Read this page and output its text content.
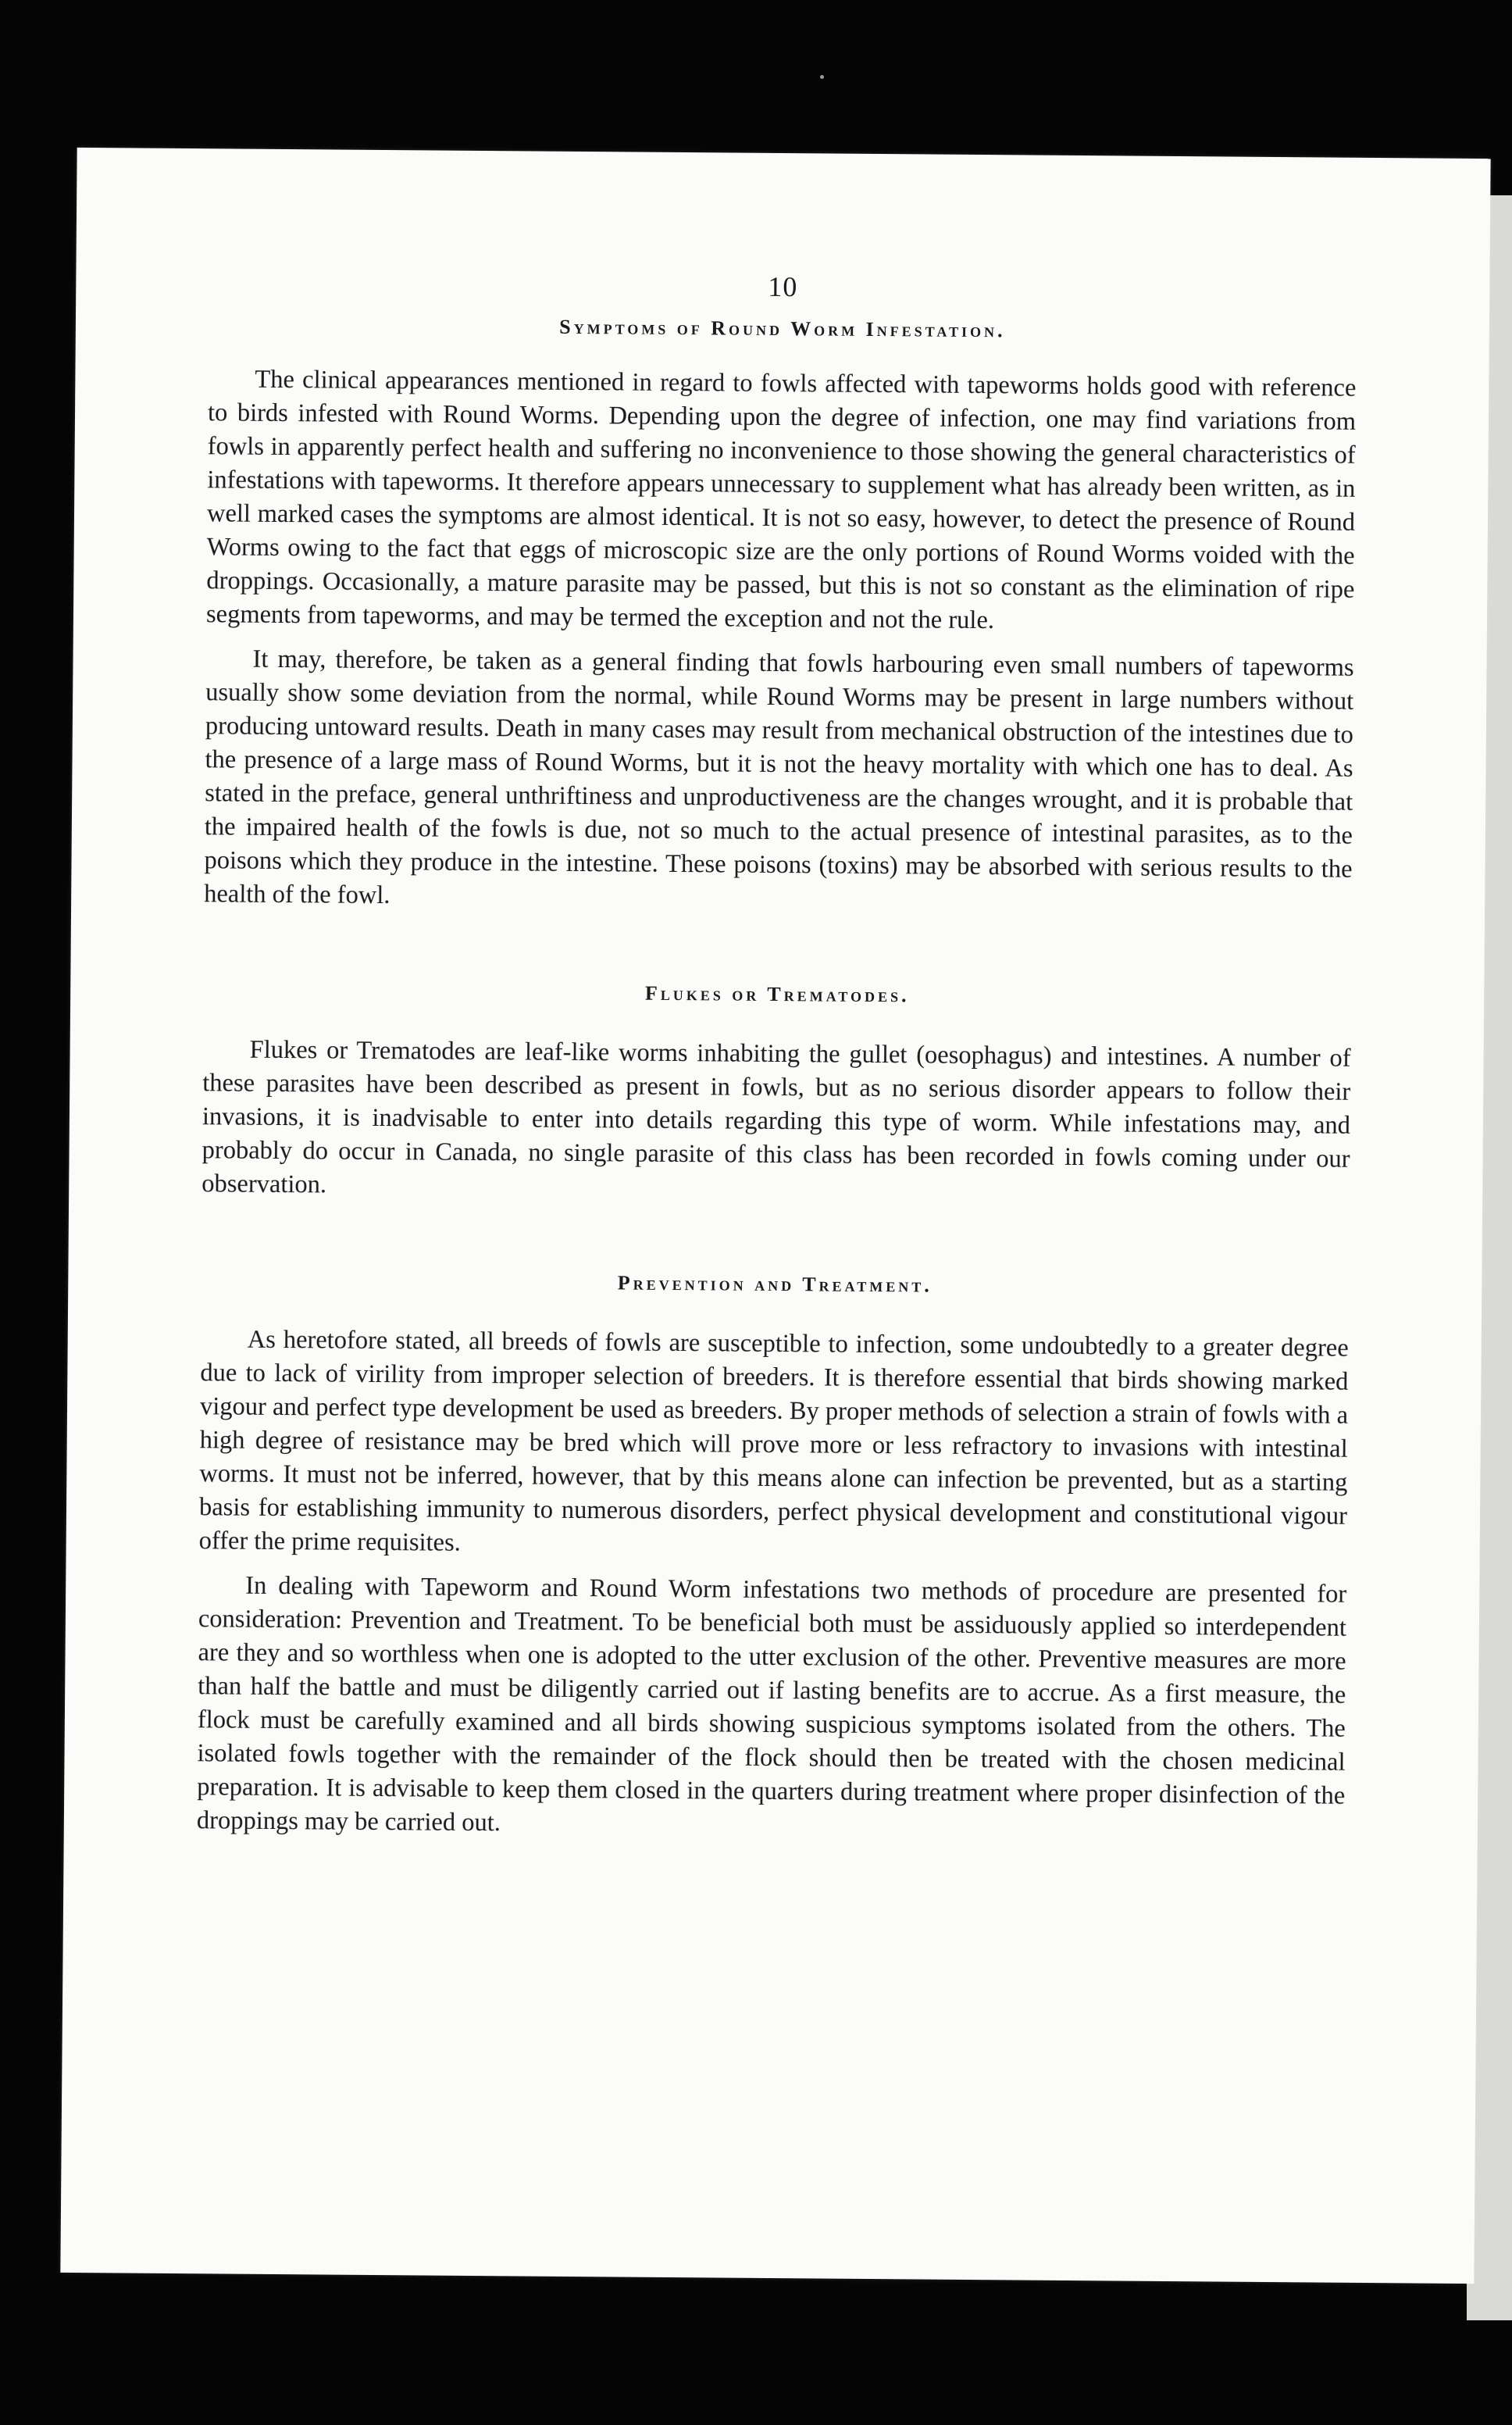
10
Symptoms of Round Worm Infestation.

The clinical appearances mentioned in regard to fowls affected with tapeworms holds good with reference to birds infested with Round Worms. Depending upon the degree of infection, one may find variations from fowls in apparently perfect health and suffering no inconvenience to those showing the general characteristics of infestations with tapeworms. It therefore appears unnecessary to supplement what has already been written, as in well marked cases the symptoms are almost identical. It is not so easy, however, to detect the presence of Round Worms owing to the fact that eggs of microscopic size are the only portions of Round Worms voided with the droppings. Occasionally, a mature parasite may be passed, but this is not so constant as the elimination of ripe segments from tapeworms, and may be termed the exception and not the rule.

It may, therefore, be taken as a general finding that fowls harbouring even small numbers of tapeworms usually show some deviation from the normal, while Round Worms may be present in large numbers without producing untoward results. Death in many cases may result from mechanical obstruction of the intestines due to the presence of a large mass of Round Worms, but it is not the heavy mortality with which one has to deal. As stated in the preface, general unthriftiness and unproductiveness are the changes wrought, and it is probable that the impaired health of the fowls is due, not so much to the actual presence of intestinal parasites, as to the poisons which they produce in the intestine. These poisons (toxins) may be absorbed with serious results to the health of the fowl.

Flukes or Trematodes.

Flukes or Trematodes are leaf-like worms inhabiting the gullet (oesophagus) and intestines. A number of these parasites have been described as present in fowls, but as no serious disorder appears to follow their invasions, it is inadvisable to enter into details regarding this type of worm. While infestations may, and probably do occur in Canada, no single parasite of this class has been recorded in fowls coming under our observation.

Prevention and Treatment.

As heretofore stated, all breeds of fowls are susceptible to infection, some undoubtedly to a greater degree due to lack of virility from improper selection of breeders. It is therefore essential that birds showing marked vigour and perfect type development be used as breeders. By proper methods of selection a strain of fowls with a high degree of resistance may be bred which will prove more or less refractory to invasions with intestinal worms. It must not be inferred, however, that by this means alone can infection be prevented, but as a starting basis for establishing immunity to numerous disorders, perfect physical development and constitutional vigour offer the prime requisites.

In dealing with Tapeworm and Round Worm infestations two methods of procedure are presented for consideration: Prevention and Treatment. To be beneficial both must be assiduously applied so interdependent are they and so worthless when one is adopted to the utter exclusion of the other. Preventive measures are more than half the battle and must be diligently carried out if lasting benefits are to accrue. As a first measure, the flock must be carefully examined and all birds showing suspicious symptoms isolated from the others. The isolated fowls together with the remainder of the flock should then be treated with the chosen medicinal preparation. It is advisable to keep them closed in the quarters during treatment where proper disinfection of the droppings may be carried out.
